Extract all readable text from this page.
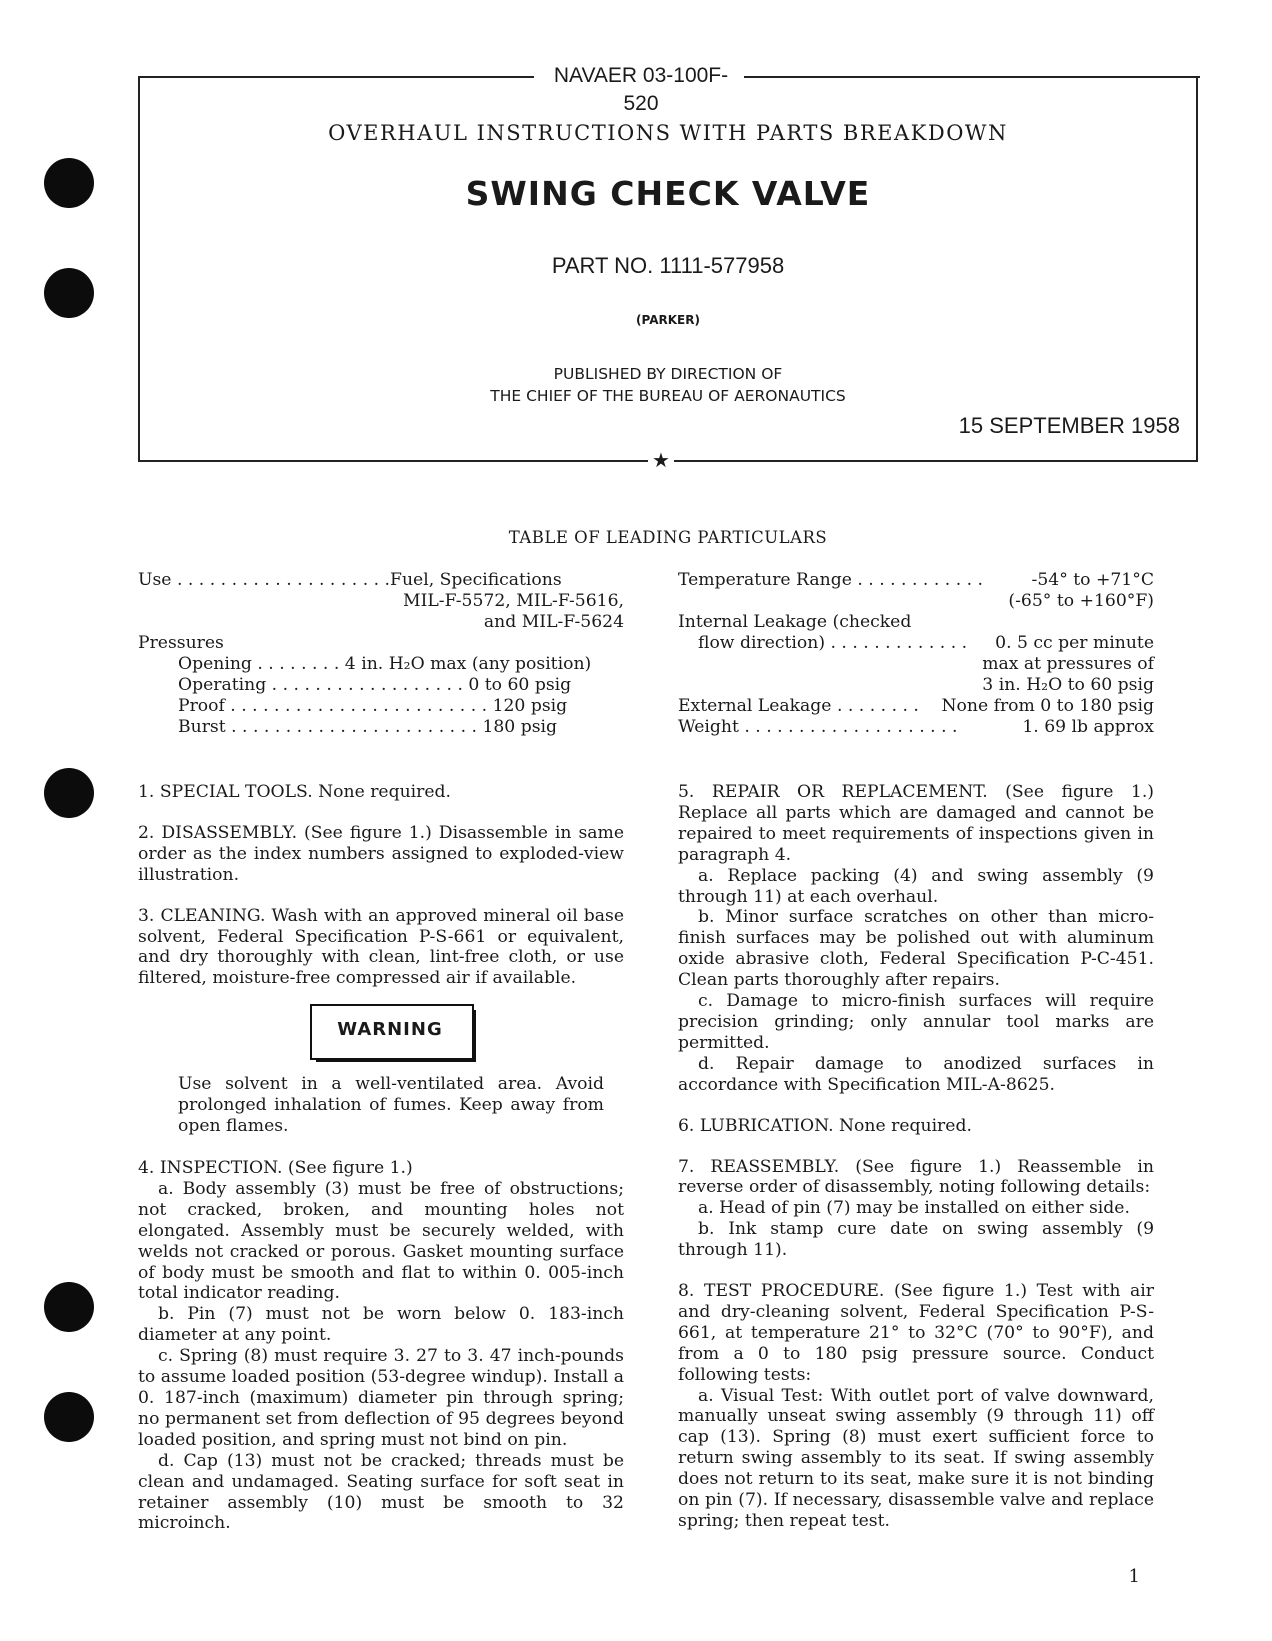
NAVAER 03-100F-520
★
OVERHAUL INSTRUCTIONS WITH PARTS BREAKDOWN
SWING CHECK VALVE
PART NO. 1111-577958
(PARKER)
PUBLISHED BY DIRECTION OF
THE CHIEF OF THE BUREAU OF AERONAUTICS
15 SEPTEMBER 1958
TABLE OF LEADING PARTICULARS
Use . . . . . . . . . . . . . . . . . . . .Fuel, Specifications
MIL-F-5572, MIL-F-5616,
and MIL-F-5624
Pressures
Opening . . . . . . . . 4 in. H₂O max (any position)
Operating . . . . . . . . . . . . . . . . . . 0 to 60 psig
Proof . . . . . . . . . . . . . . . . . . . . . . . . 120 psig
Burst . . . . . . . . . . . . . . . . . . . . . . . 180 psig
Temperature Range . . . . . . . . . . . .	-54° to +71°C
(-65° to +160°F)
Internal Leakage (checked
flow direction) . . . . . . . . . . . . . 0. 5 cc per minute
max at pressures of
3 in. H₂O to 60 psig
External Leakage . . . . . . . . None from 0 to 180 psig
Weight . . . . . . . . . . . . . . . . . . . .	1. 69 lb approx

1. SPECIAL TOOLS. None required.

2. DISASSEMBLY. (See figure 1.) Disassemble in same order as the index numbers assigned to exploded-view illustration.

3. CLEANING. Wash with an approved mineral oil base solvent, Federal Specification P-S-661 or equivalent, and dry thoroughly with clean, lint-free cloth, or use filtered, moisture-free compressed air if available.

WARNING

Use solvent in a well-ventilated area. Avoid prolonged inhalation of fumes. Keep away from open flames.

4. INSPECTION. (See figure 1.)

a. Body assembly (3) must be free of obstructions; not cracked, broken, and mounting holes not elongated. Assembly must be securely welded, with welds not cracked or porous. Gasket mounting surface of body must be smooth and flat to within 0. 005-inch total indicator reading.

b. Pin (7) must not be worn below 0. 183-inch diameter at any point.

c. Spring (8) must require 3. 27 to 3. 47 inch-pounds to assume loaded position (53-degree windup). Install a 0. 187-inch (maximum) diameter pin through spring; no permanent set from deflection of 95 degrees beyond loaded position, and spring must not bind on pin.

d. Cap (13) must not be cracked; threads must be clean and undamaged. Seating surface for soft seat in retainer assembly (10) must be smooth to 32 microinch.

5. REPAIR OR REPLACEMENT. (See figure 1.) Replace all parts which are damaged and cannot be repaired to meet requirements of inspections given in paragraph 4.

a. Replace packing (4) and swing assembly (9 through 11) at each overhaul.

b. Minor surface scratches on other than micro-finish surfaces may be polished out with aluminum oxide abrasive cloth, Federal Specification P-C-451. Clean parts thoroughly after repairs.

c. Damage to micro-finish surfaces will require precision grinding; only annular tool marks are permitted.

d. Repair damage to anodized surfaces in accordance with Specification MIL-A-8625.

6. LUBRICATION. None required.

7. REASSEMBLY. (See figure 1.) Reassemble in reverse order of disassembly, noting following details:

a. Head of pin (7) may be installed on either side.

b. Ink stamp cure date on swing assembly (9 through 11).

8. TEST PROCEDURE. (See figure 1.) Test with air and dry-cleaning solvent, Federal Specification P-S-661, at temperature 21° to 32°C (70° to 90°F), and from a 0 to 180 psig pressure source. Conduct following tests:

a. Visual Test: With outlet port of valve downward, manually unseat swing assembly (9 through 11) off cap (13). Spring (8) must exert sufficient force to return swing assembly to its seat. If swing assembly does not return to its seat, make sure it is not binding on pin (7). If necessary, disassemble valve and replace spring; then repeat test.

1
